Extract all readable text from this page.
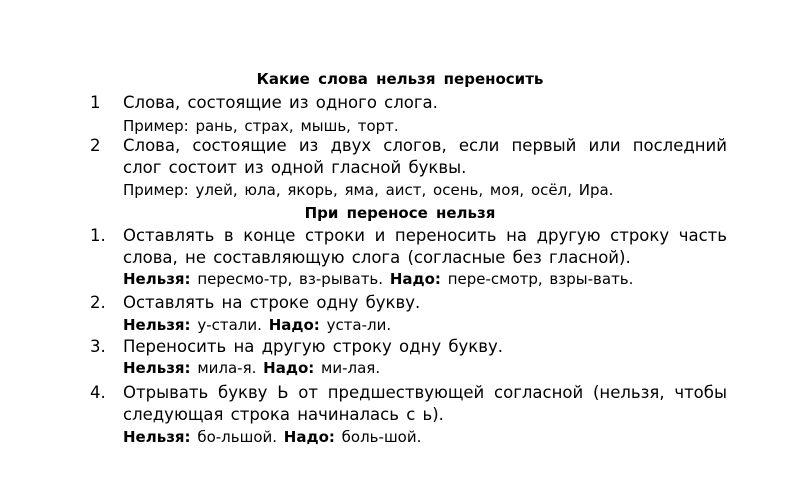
Какие слова нельзя переносить
1 Слова, состоящие из одного слога.
Пример: рань, страх, мышь, торт.
2 Слова, состоящие из двух слогов, если первый или последний
слог состоит из одной гласной буквы.
Пример: улей, юла, якорь, яма, аист, осень, моя, осёл, Ира.
При переносе нельзя
1. Оставлять в конце строки и переносить на другую строку часть
слова, не составляющую слога (согласные без гласной).
Нельзя: пересмо-тр, вз-рывать. Надо: пере-смотр, взры-вать.
2. Оставлять на строке одну букву.
Нельзя: у-стали. Надо: уста-ли.
3. Переносить на другую строку одну букву.
Нельзя: мила-я. Надо: ми-лая.
4. Отрывать букву Ь от предшествующей согласной (нельзя, чтобы
следующая строка начиналась с ь).
Нельзя: бо-льшой. Надо: боль-шой.
